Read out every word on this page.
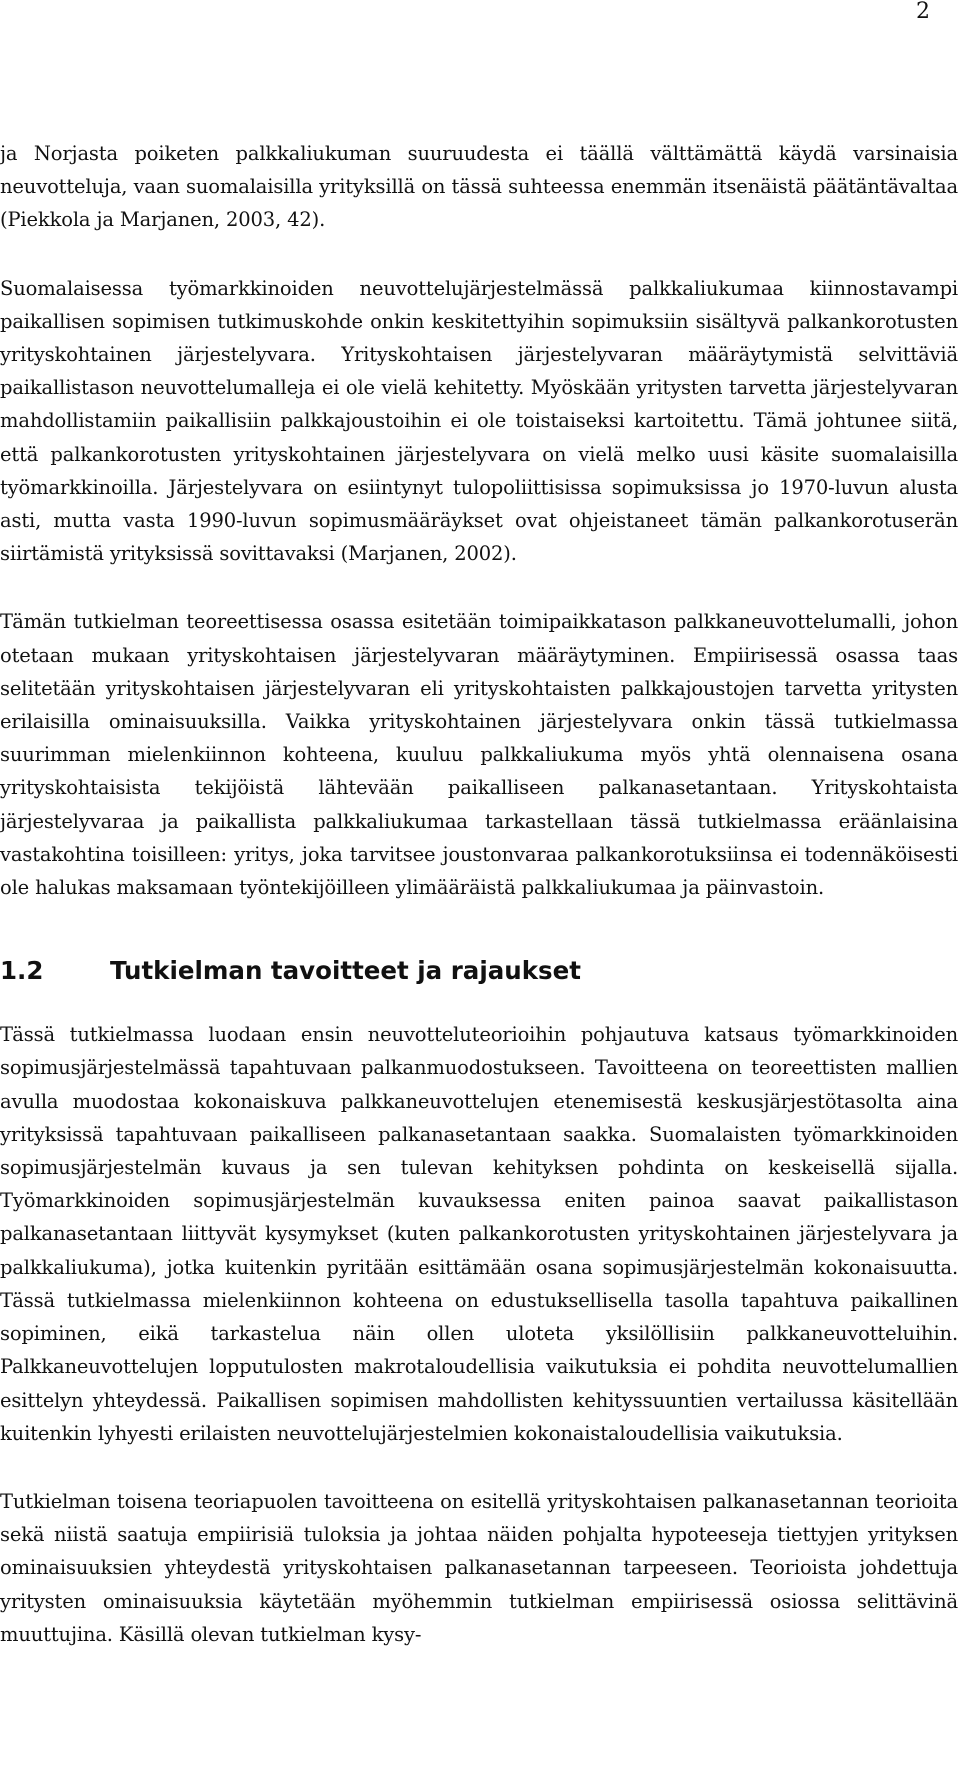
2

ja Norjasta poiketen palkkaliukuman suuruudesta ei täällä välttämättä käydä varsinaisia neuvotteluja, vaan suomalaisilla yrityksillä on tässä suhteessa enemmän itsenäistä päätäntävaltaa (Piekkola ja Marjanen, 2003, 42).

Suomalaisessa työmarkkinoiden neuvottelujärjestelmässä palkkaliukumaa kiinnostavampi paikallisen sopimisen tutkimuskohde onkin keskitettyihin sopimuksiin sisältyvä palkankorotusten yrityskohtainen järjestelyvara. Yrityskohtaisen järjestelyvaran määräytymistä selvittäviä paikallistason neuvottelumalleja ei ole vielä kehitetty. Myöskään yritysten tarvetta järjestelyvaran mahdollistamiin paikallisiin palkkajoustoihin ei ole toistaiseksi kartoitettu. Tämä johtunee siitä, että palkankorotusten yrityskohtainen järjestelyvara on vielä melko uusi käsite suomalaisilla työmarkkinoilla. Järjestelyvara on esiintynyt tulopoliittisissa sopimuksissa jo 1970-luvun alusta asti, mutta vasta 1990-luvun sopimusmääräykset ovat ohjeistaneet tämän palkankorotuserän siirtämistä yrityksissä sovittavaksi (Marjanen, 2002).

Tämän tutkielman teoreettisessa osassa esitetään toimipaikkatason palkkaneuvottelumalli, johon otetaan mukaan yrityskohtaisen järjestelyvaran määräytyminen. Empiirisessä osassa taas selitetään yrityskohtaisen järjestelyvaran eli yrityskohtaisten palkkajoustojen tarvetta yritysten erilaisilla ominaisuuksilla. Vaikka yrityskohtainen järjestelyvara onkin tässä tutkielmassa suurimman mielenkiinnon kohteena, kuuluu palkkaliukuma myös yhtä olennaisena osana yrityskohtaisista tekijöistä lähtevään paikalliseen palkanasetantaan. Yrityskohtaista järjestelyvaraa ja paikallista palkkaliukumaa tarkastellaan tässä tutkielmassa eräänlaisina vastakohtina toisilleen: yritys, joka tarvitsee joustonvaraa palkankorotuksiinsa ei todennäköisesti ole halukas maksamaan työntekijöilleen ylimääräistä palkkaliukumaa ja päinvastoin.

1.2	Tutkielman tavoitteet ja rajaukset

Tässä tutkielmassa luodaan ensin neuvotteluteorioihin pohjautuva katsaus työmarkkinoiden sopimusjärjestelmässä tapahtuvaan palkanmuodostukseen. Tavoitteena on teoreettisten mallien avulla muodostaa kokonaiskuva palkkaneuvottelujen etenemisestä keskusjärjestötasolta aina yrityksissä tapahtuvaan paikalliseen palkanasetantaan saakka. Suomalaisten työmarkkinoiden sopimusjärjestelmän kuvaus ja sen tulevan kehityksen pohdinta on keskeisellä sijalla. Työmarkkinoiden sopimusjärjestelmän kuvauksessa eniten painoa saavat paikallistason palkanasetantaan liittyvät kysymykset (kuten palkankorotusten yrityskohtainen järjestelyvara ja palkkaliukuma), jotka kuitenkin pyritään esittämään osana sopimusjärjestelmän kokonaisuutta. Tässä tutkielmassa mielenkiinnon kohteena on edustuksellisella tasolla tapahtuva paikallinen sopiminen, eikä tarkastelua näin ollen uloteta yksilöllisiin palkkaneuvotteluihin. Palkkaneuvottelujen lopputulosten makrotaloudellisia vaikutuksia ei pohdita neuvottelumallien esittelyn yhteydessä. Paikallisen sopimisen mahdollisten kehityssuuntien vertailussa käsitellään kuitenkin lyhyesti erilaisten neuvottelujärjestelmien kokonaistaloudellisia vaikutuksia.

Tutkielman toisena teoriapuolen tavoitteena on esitellä yrityskohtaisen palkanasetannan teorioita sekä niistä saatuja empiirisiä tuloksia ja johtaa näiden pohjalta hypoteeseja tiettyjen yrityksen ominaisuuksien yhteydestä yrityskohtaisen palkanasetannan tarpeeseen. Teorioista johdettuja yritysten ominaisuuksia käytetään myöhemmin tutkielman empiirisessä osiossa selittävinä muuttujina. Käsillä olevan tutkielman kysy-
